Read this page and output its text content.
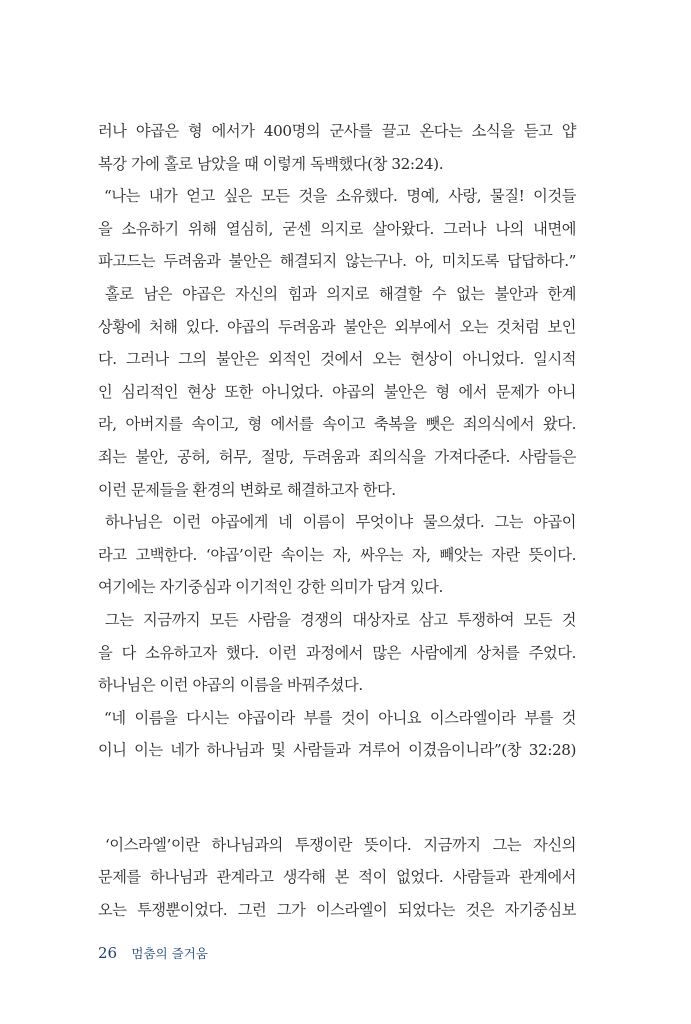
러나 야곱은 형 에서가 400명의 군사를 끌고 온다는 소식을 듣고 얍
복강 가에 홀로 남았을 때 이렇게 독백했다(창 32:24).
“나는 내가 얻고 싶은 모든 것을 소유했다. 명예, 사랑, 물질! 이것들
을 소유하기 위해 열심히, 굳센 의지로 살아왔다. 그러나 나의 내면에
파고드는 두려움과 불안은 해결되지 않는구나. 아, 미치도록 답답하다.”
홀로 남은 야곱은 자신의 힘과 의지로 해결할 수 없는 불안과 한계
상황에 처해 있다. 야곱의 두려움과 불안은 외부에서 오는 것처럼 보인
다. 그러나 그의 불안은 외적인 것에서 오는 현상이 아니었다. 일시적
인 심리적인 현상 또한 아니었다. 야곱의 불안은 형 에서 문제가 아니
라, 아버지를 속이고, 형 에서를 속이고 축복을 뺏은 죄의식에서 왔다.
죄는 불안, 공허, 허무, 절망, 두려움과 죄의식을 가져다준다. 사람들은
이런 문제들을 환경의 변화로 해결하고자 한다.
하나님은 이런 야곱에게 네 이름이 무엇이냐 물으셨다. 그는 야곱이
라고 고백한다. ‘야곱’이란 속이는 자, 싸우는 자, 빼앗는 자란 뜻이다.
여기에는 자기중심과 이기적인 강한 의미가 담겨 있다.
그는 지금까지 모든 사람을 경쟁의 대상자로 삼고 투쟁하여 모든 것
을 다 소유하고자 했다. 이런 과정에서 많은 사람에게 상처를 주었다.
하나님은 이런 야곱의 이름을 바꿔주셨다.
“네 이름을 다시는 야곱이라 부를 것이 아니요 이스라엘이라 부를 것
이니 이는 네가 하나님과 및 사람들과 겨루어 이겼음이니라”(창 32:28)
‘이스라엘’이란 하나님과의 투쟁이란 뜻이다. 지금까지 그는 자신의
문제를 하나님과 관계라고 생각해 본 적이 없었다. 사람들과 관계에서
오는 투쟁뿐이었다. 그런 그가 이스라엘이 되었다는 것은 자기중심보
26 멈춤의 즐거움
